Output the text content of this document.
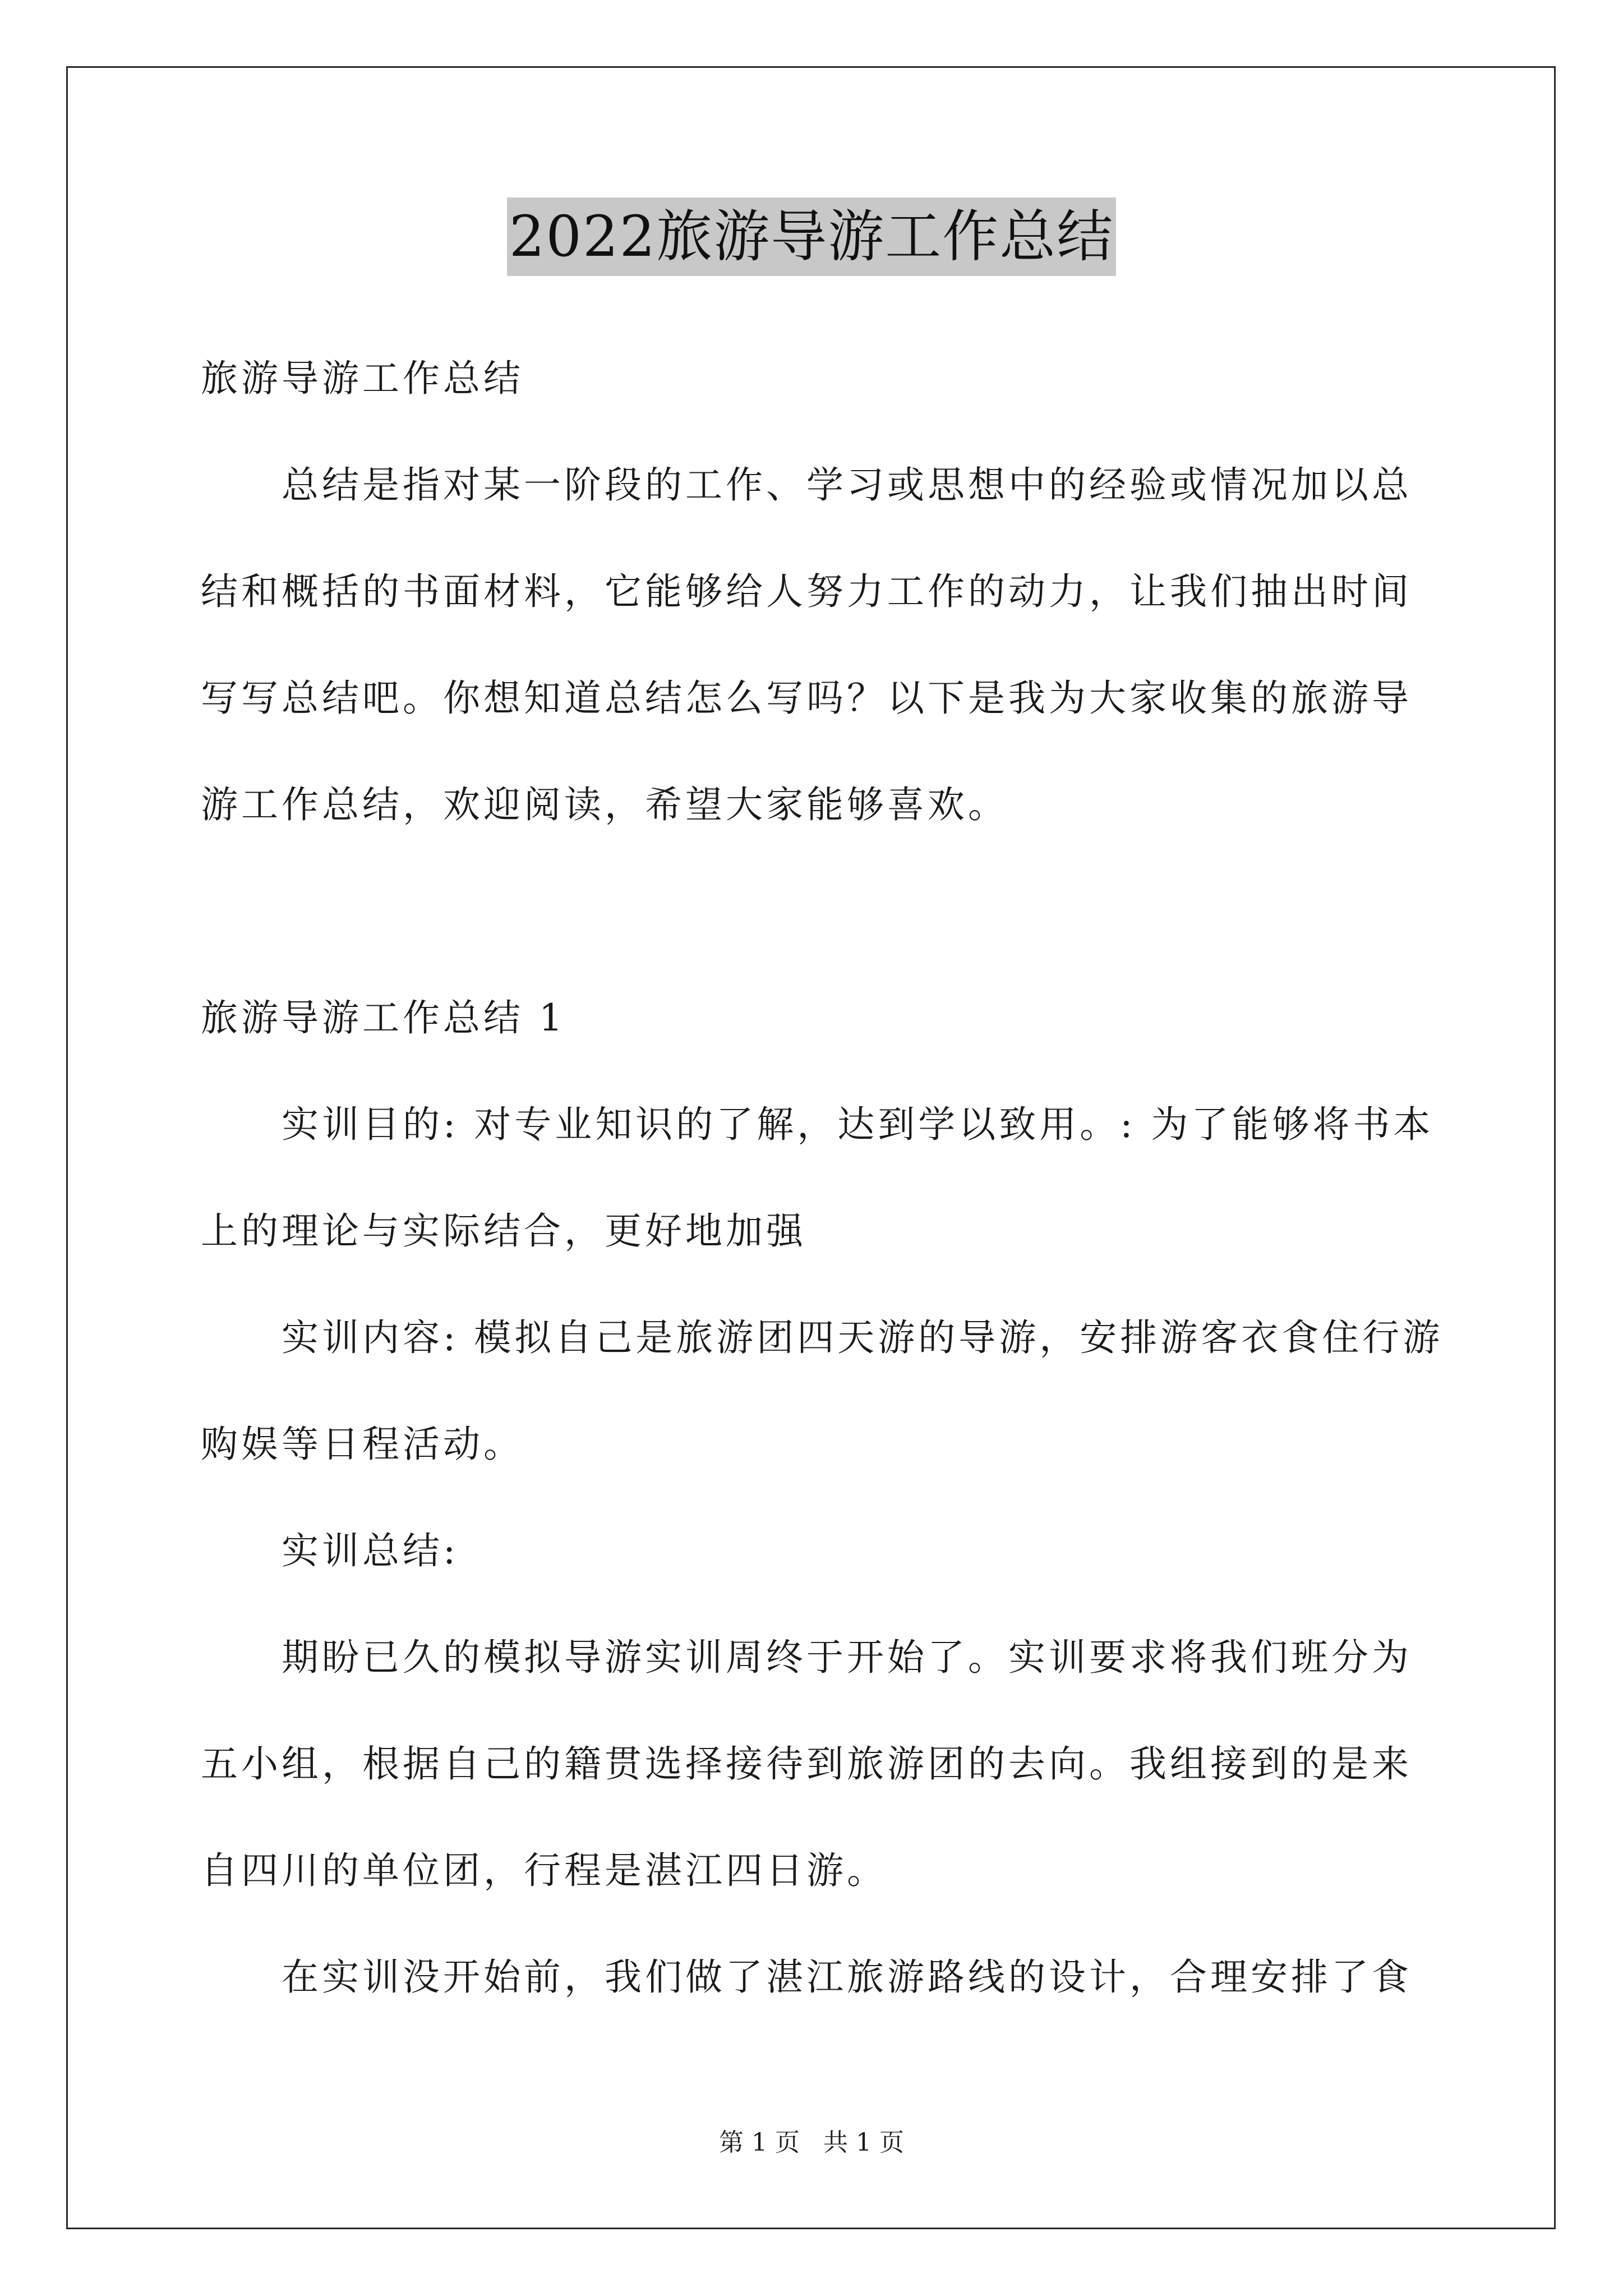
2022旅游导游工作总结
旅游导游工作总结
总结是指对某一阶段的工作、学习或思想中的经验或情况加以总
结和概括的书面材料，它能够给人努力工作的动力，让我们抽出时间
写写总结吧。你想知道总结怎么写吗？以下是我为大家收集的旅游导
游工作总结，欢迎阅读，希望大家能够喜欢。
旅游导游工作总结 1
实训目的: 对专业知识的了解，达到学以致用。: 为了能够将书本
上的理论与实际结合，更好地加强
实训内容: 模拟自己是旅游团四天游的导游，安排游客衣食住行游
购娱等日程活动。
实训总结:
期盼已久的模拟导游实训周终于开始了。实训要求将我们班分为
五小组，根据自己的籍贯选择接待到旅游团的去向。我组接到的是来
自四川的单位团，行程是湛江四日游。
在实训没开始前，我们做了湛江旅游路线的设计，合理安排了食
第 1 页 共 1 页
